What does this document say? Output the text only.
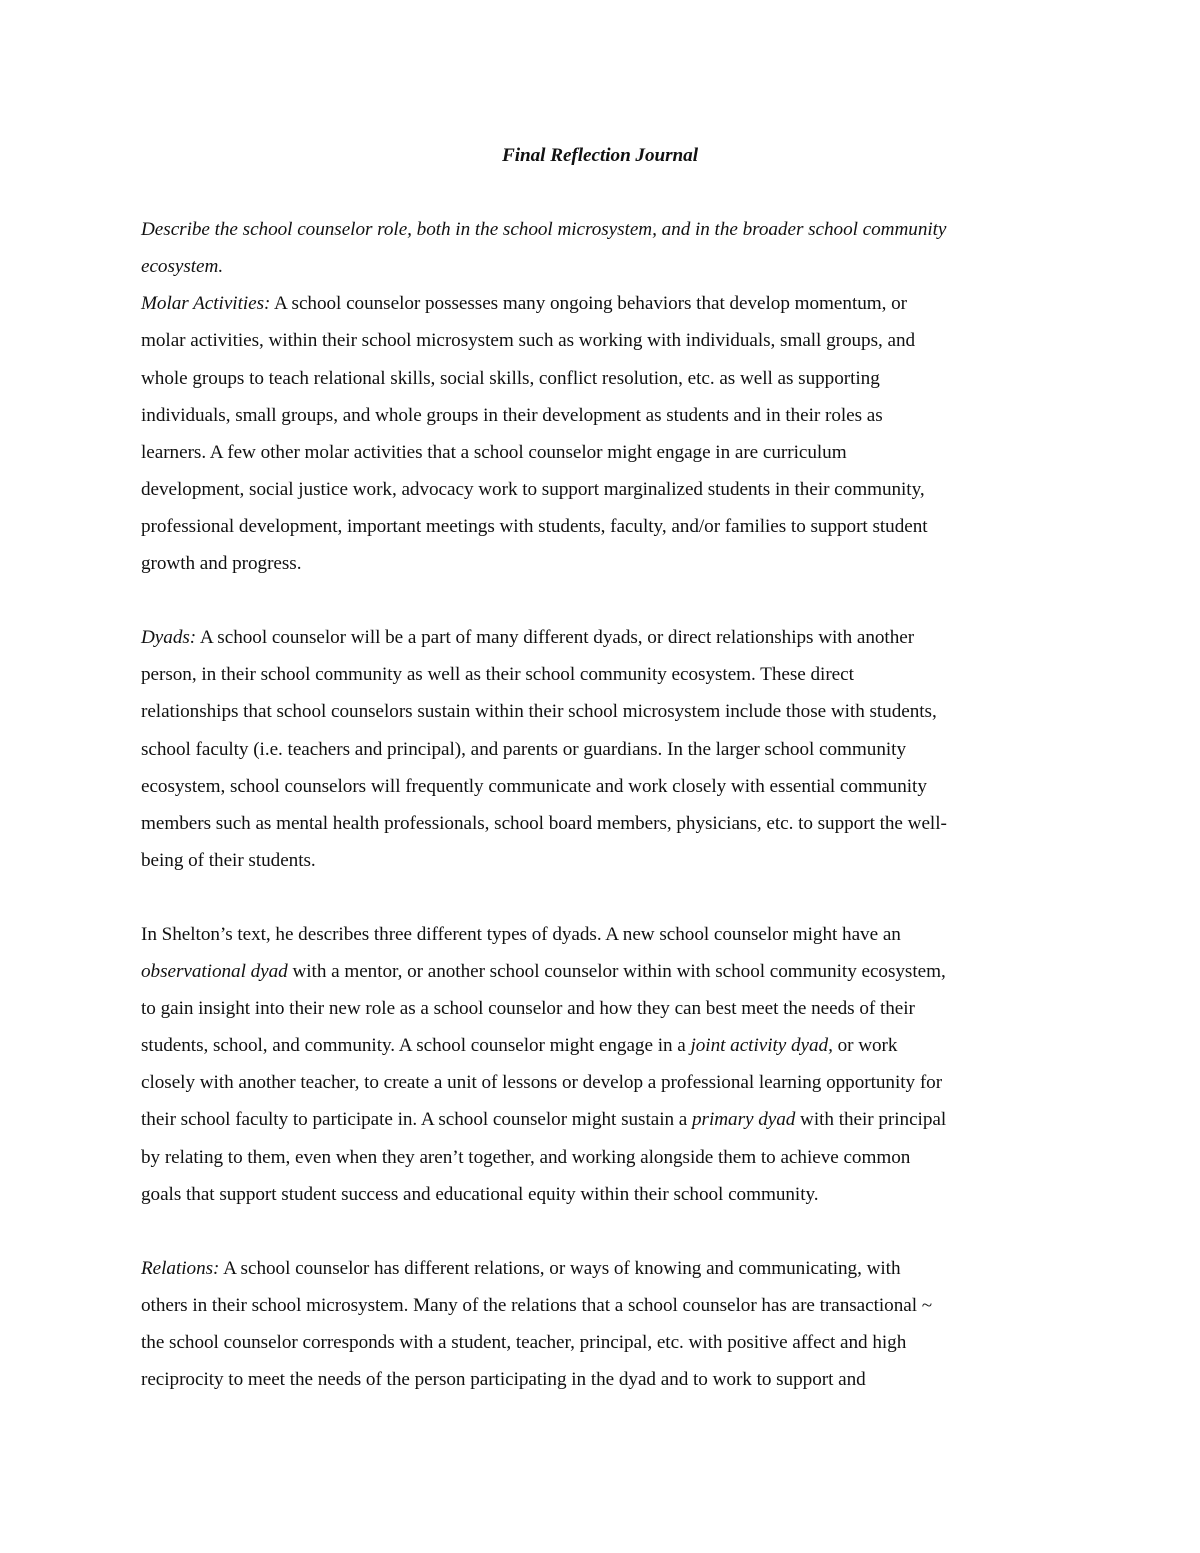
Final Reflection Journal

Describe the school counselor role, both in the school microsystem, and in the broader school community
ecosystem.
Molar Activities: A school counselor possesses many ongoing behaviors that develop momentum, or
molar activities, within their school microsystem such as working with individuals, small groups, and
whole groups to teach relational skills, social skills, conflict resolution, etc. as well as supporting
individuals, small groups, and whole groups in their development as students and in their roles as
learners. A few other molar activities that a school counselor might engage in are curriculum
development, social justice work, advocacy work to support marginalized students in their community,
professional development, important meetings with students, faculty, and/or families to support student
growth and progress.
Dyads: A school counselor will be a part of many different dyads, or direct relationships with another
person, in their school community as well as their school community ecosystem. These direct
relationships that school counselors sustain within their school microsystem include those with students,
school faculty (i.e. teachers and principal), and parents or guardians. In the larger school community
ecosystem, school counselors will frequently communicate and work closely with essential community
members such as mental health professionals, school board members, physicians, etc. to support the well-
being of their students.
In Shelton’s text, he describes three different types of dyads. A new school counselor might have an
observational dyad with a mentor, or another school counselor within with school community ecosystem,
to gain insight into their new role as a school counselor and how they can best meet the needs of their
students, school, and community. A school counselor might engage in a joint activity dyad, or work
closely with another teacher, to create a unit of lessons or develop a professional learning opportunity for
their school faculty to participate in. A school counselor might sustain a primary dyad with their principal
by relating to them, even when they aren’t together, and working alongside them to achieve common
goals that support student success and educational equity within their school community.
Relations: A school counselor has different relations, or ways of knowing and communicating, with
others in their school microsystem. Many of the relations that a school counselor has are transactional ~
the school counselor corresponds with a student, teacher, principal, etc. with positive affect and high
reciprocity to meet the needs of the person participating in the dyad and to work to support and
